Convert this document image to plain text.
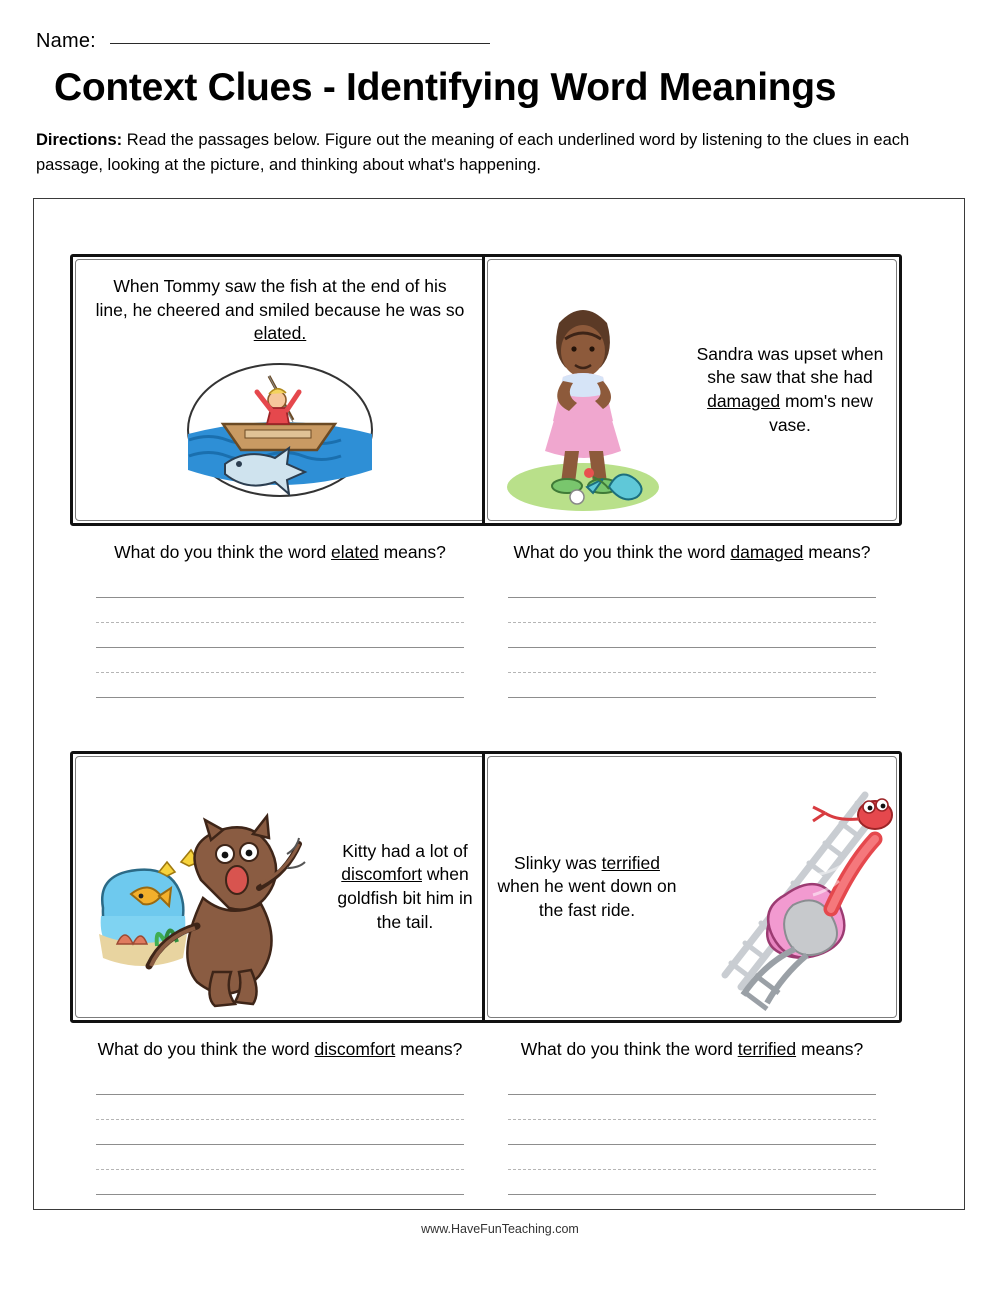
Name:
Context Clues - Identifying Word Meanings
Directions: Read the passages below. Figure out the meaning of each underlined word by listening to the clues in each passage, looking at the picture, and thinking about what's happening.
When Tommy saw the fish at the end of his line, he cheered and smiled because he was so elated.
What do you think the word elated means?
Sandra was upset when she saw that she had damaged mom's new vase.
What do you think the word damaged means?
Kitty had a lot of discomfort when goldfish bit him in the tail.
What do you think the word discomfort means?
Slinky was terrified when he went down on the fast ride.
What do you think the word terrified means?
www.HaveFunTeaching.com
